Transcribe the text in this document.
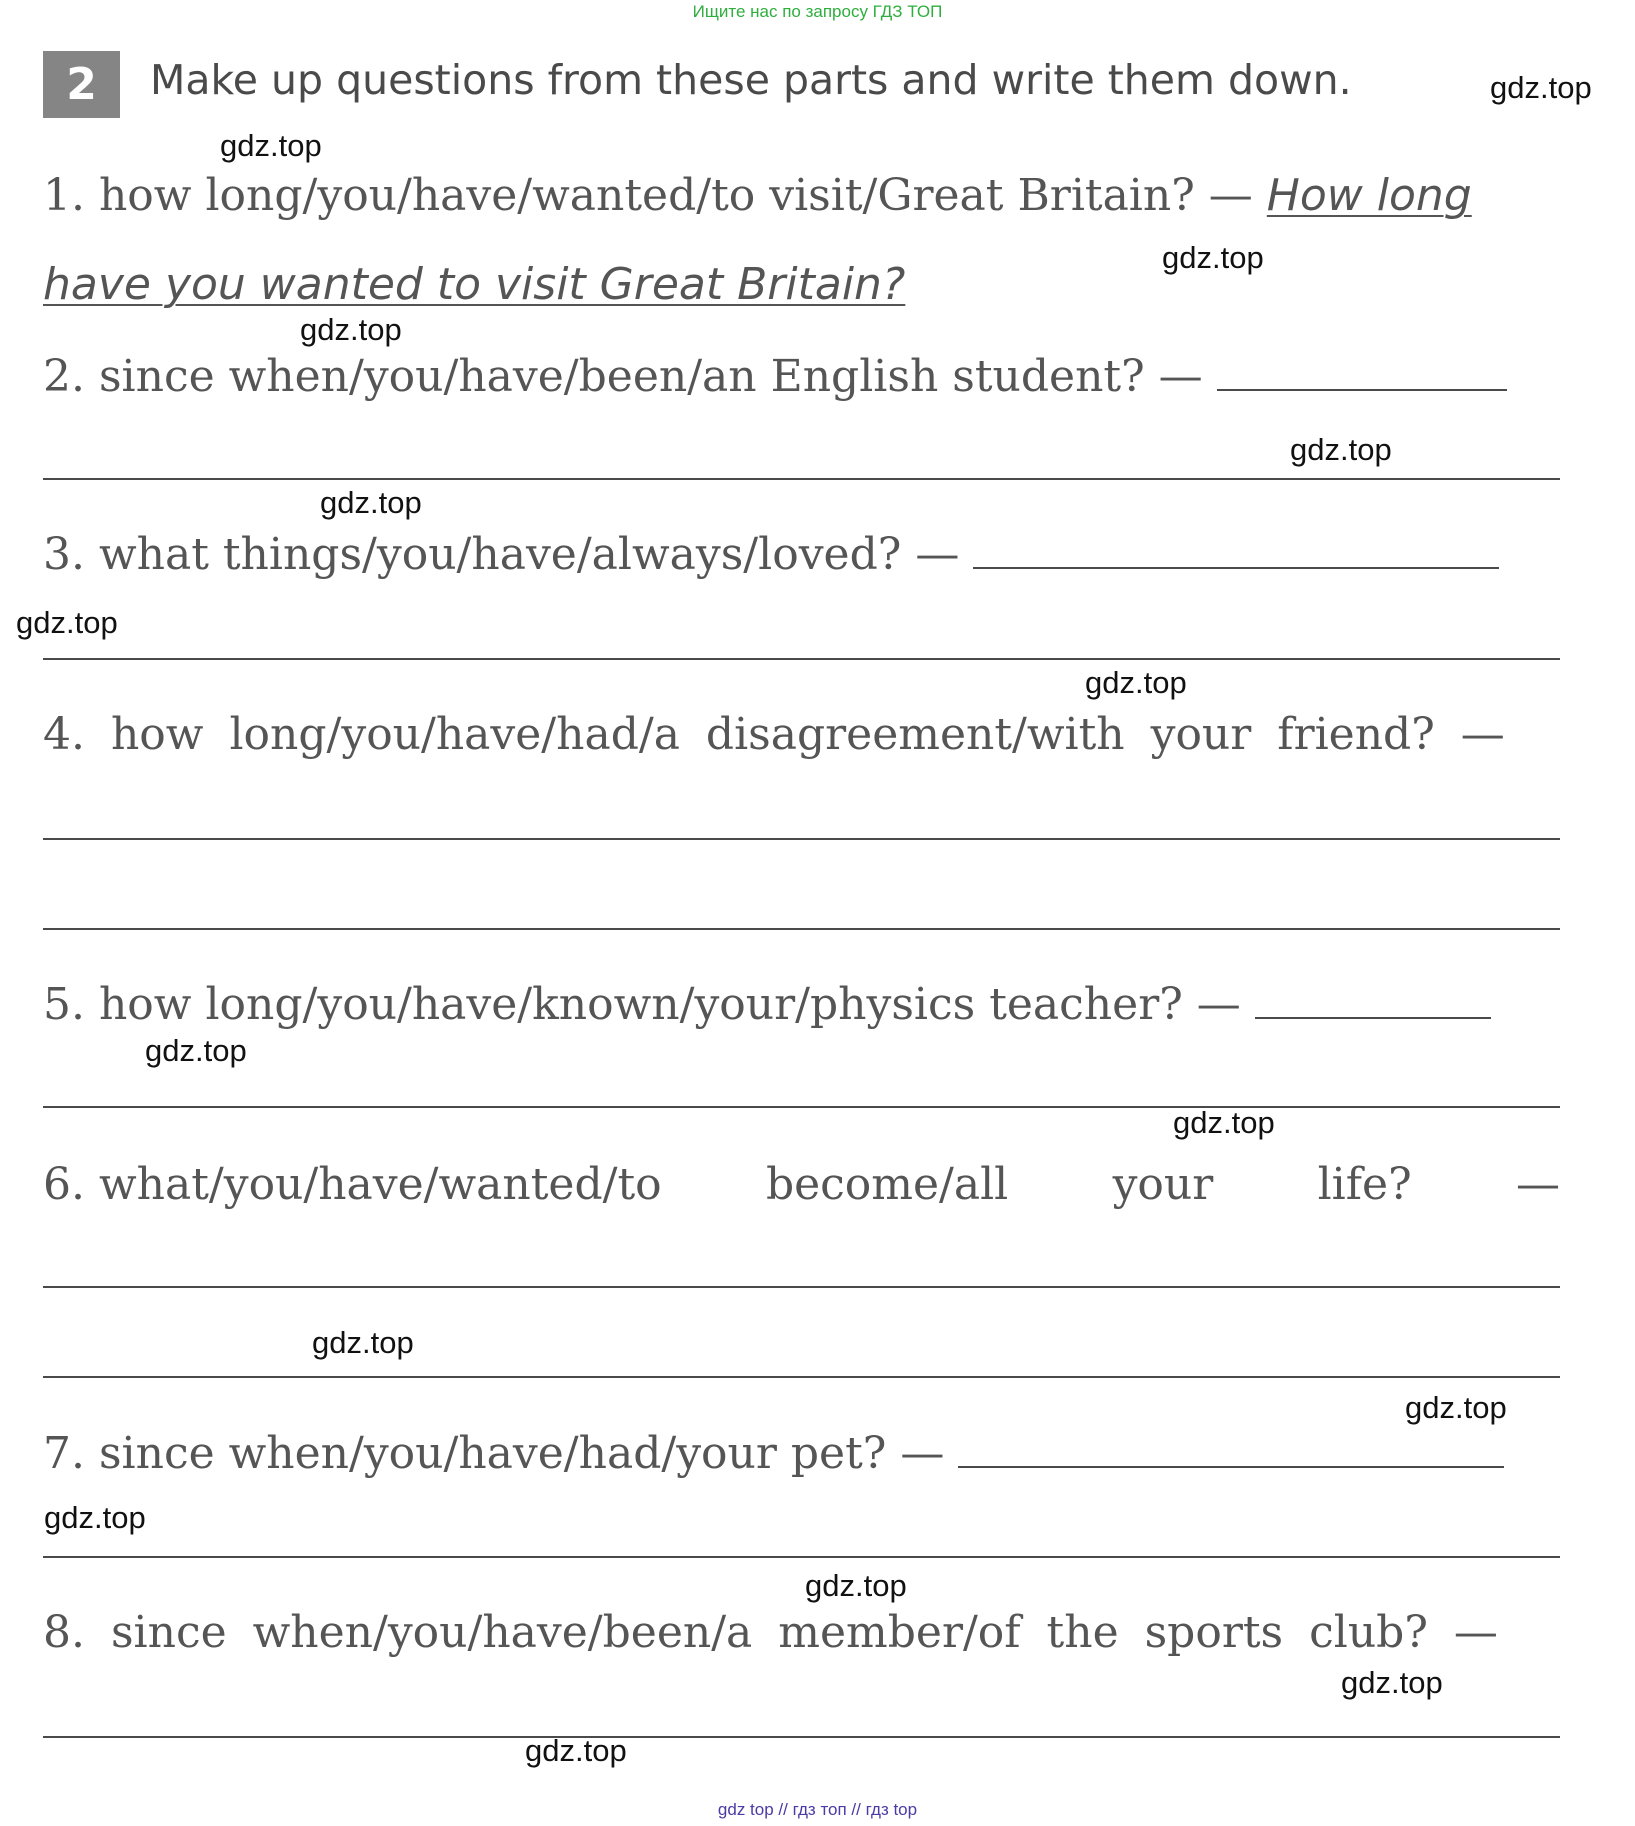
Ищите нас по запросу ГДЗ ТОП
2	Make up questions from these parts and write them down.
1. how long/you/have/wanted/to visit/Great Britain? — How long
have you wanted to visit Great Britain?
2. since when/you/have/been/an English student? —
3. what things/you/have/always/loved? —
4. how long/you/have/had/a disagreement/with your friend? —
5. how long/you/have/known/your/physics teacher? —
6. what/you/have/wanted/to become/all your life? —
7. since when/you/have/had/your pet? —
8. since when/you/have/been/a member/of the sports club? —
gdz.top
gdz.top
gdz.top
gdz.top
gdz.top
gdz.top
gdz.top
gdz.top
gdz.top
gdz.top
gdz.top
gdz.top
gdz.top
gdz.top
gdz.top
gdz.top
gdz top // гдз топ // гдз top
